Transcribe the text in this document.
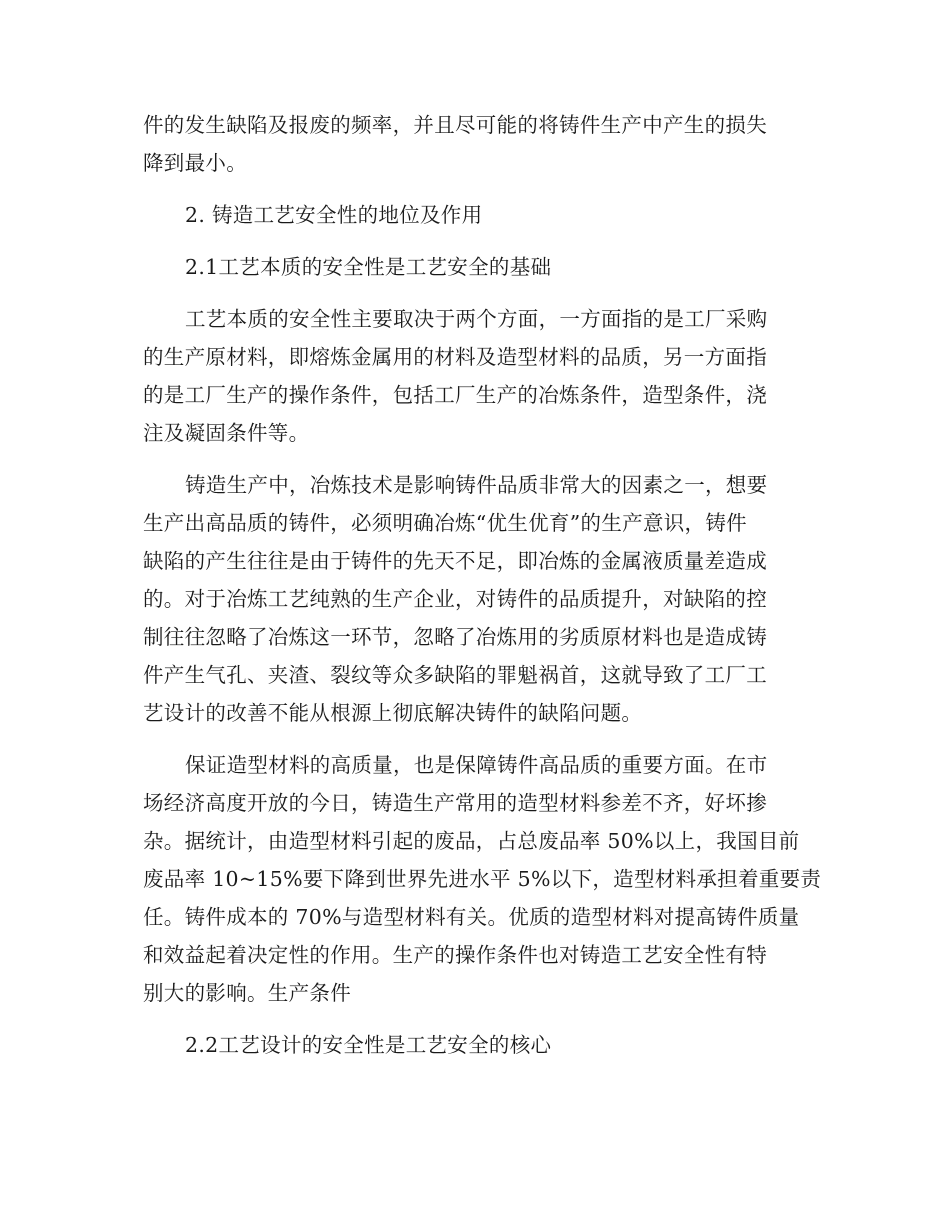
件的发生缺陷及报废的频率，并且尽可能的将铸件生产中产生的损失
降到最小。
2. 铸造工艺安全性的地位及作用
2.1工艺本质的安全性是工艺安全的基础
工艺本质的安全性主要取决于两个方面，一方面指的是工厂采购
的生产原材料，即熔炼金属用的材料及造型材料的品质，另一方面指
的是工厂生产的操作条件，包括工厂生产的冶炼条件，造型条件，浇
注及凝固条件等。
铸造生产中，冶炼技术是影响铸件品质非常大的因素之一，想要
生产出高品质的铸件，必须明确冶炼“优生优育”的生产意识，铸件
缺陷的产生往往是由于铸件的先天不足，即冶炼的金属液质量差造成
的。对于冶炼工艺纯熟的生产企业，对铸件的品质提升，对缺陷的控
制往往忽略了冶炼这一环节，忽略了冶炼用的劣质原材料也是造成铸
件产生气孔、夹渣、裂纹等众多缺陷的罪魁祸首，这就导致了工厂工
艺设计的改善不能从根源上彻底解决铸件的缺陷问题。
保证造型材料的高质量，也是保障铸件高品质的重要方面。在市
场经济高度开放的今日，铸造生产常用的造型材料参差不齐，好坏掺
杂。据统计，由造型材料引起的废品，占总废品率 50%以上，我国目前
废品率 10~15%要下降到世界先进水平 5%以下，造型材料承担着重要责
任。铸件成本的 70%与造型材料有关。优质的造型材料对提高铸件质量
和效益起着决定性的作用。生产的操作条件也对铸造工艺安全性有特
别大的影响。生产条件
2.2工艺设计的安全性是工艺安全的核心
